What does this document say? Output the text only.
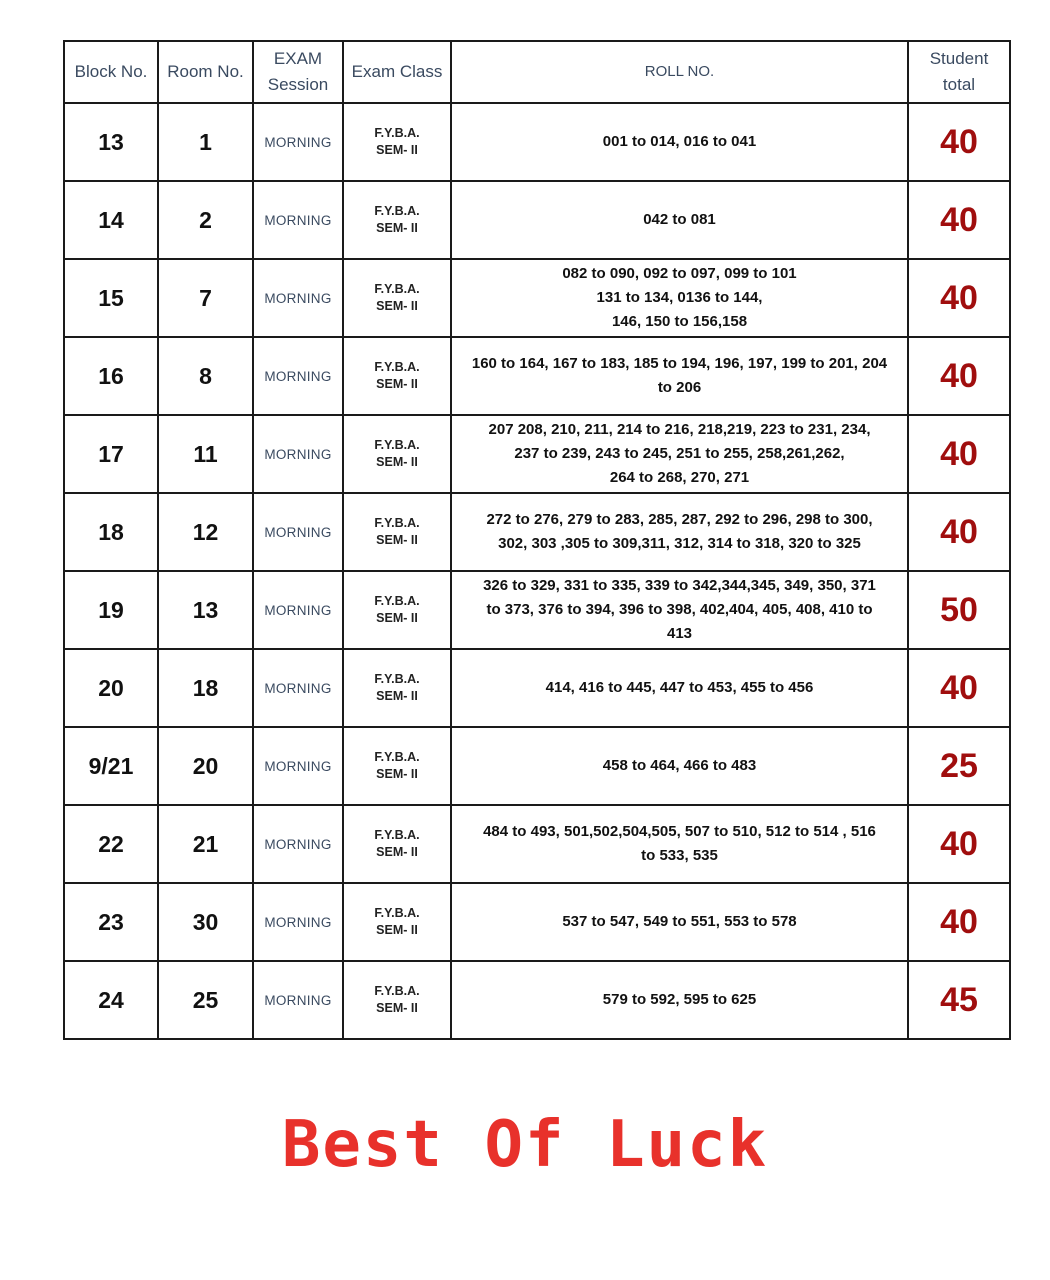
Block No.	Room No.	EXAM
Session	Exam Class	ROLL NO.	Student
total

13	1	MORNING	F.Y.B.A.
SEM- II	001 to 014, 016 to 041	40
14	2	MORNING	F.Y.B.A.
SEM- II	042 to 081	40
15	7	MORNING	F.Y.B.A.
SEM- II	082 to 090, 092 to 097, 099 to 101
131 to 134, 0136 to 144,
146, 150 to 156,158	40
16	8	MORNING	F.Y.B.A.
SEM- II	160 to 164, 167 to 183, 185 to 194, 196, 197, 199 to 201, 204
to 206	40
17	11	MORNING	F.Y.B.A.
SEM- II	207 208, 210, 211, 214 to 216, 218,219, 223 to 231, 234,
237 to 239, 243 to 245, 251 to 255, 258,261,262,
264 to 268, 270, 271	40
18	12	MORNING	F.Y.B.A.
SEM- II	272 to 276, 279 to 283, 285, 287, 292 to 296, 298 to 300,
302, 303 ,305 to 309,311, 312, 314 to 318, 320 to 325	40
19	13	MORNING	F.Y.B.A.
SEM- II	326 to 329, 331 to 335, 339 to 342,344,345, 349, 350, 371
to 373, 376 to 394, 396 to 398, 402,404, 405, 408, 410 to
413	50
20	18	MORNING	F.Y.B.A.
SEM- II	414, 416 to 445, 447 to 453, 455 to 456	40
9/21	20	MORNING	F.Y.B.A.
SEM- II	458 to 464, 466 to 483	25
22	21	MORNING	F.Y.B.A.
SEM- II	484 to 493, 501,502,504,505, 507 to 510, 512 to 514 , 516
to 533, 535	40
23	30	MORNING	F.Y.B.A.
SEM- II	537 to 547, 549 to 551, 553 to 578	40
24	25	MORNING	F.Y.B.A.
SEM- II	579 to 592, 595 to 625	45
Best Of Luck
